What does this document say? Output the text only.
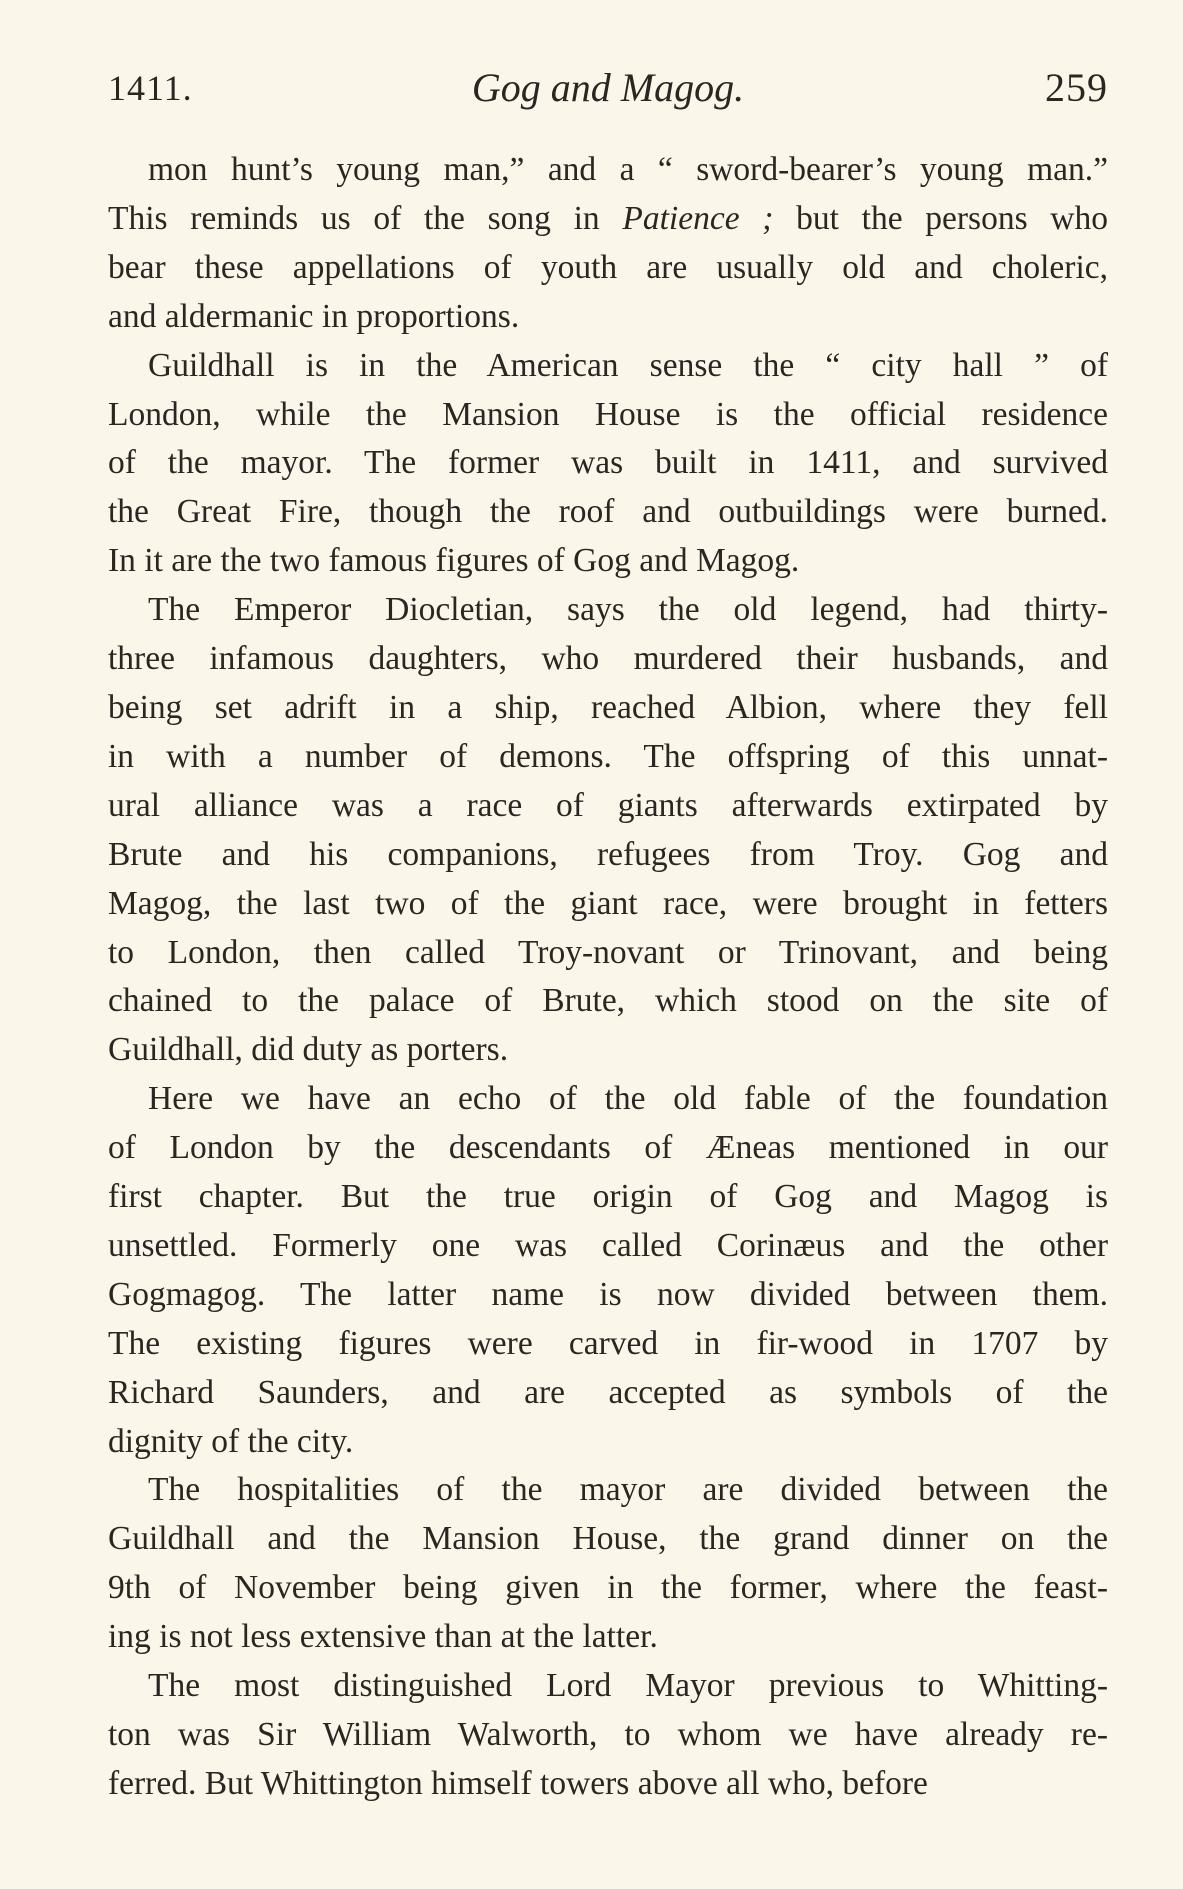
1411.	Gog and Magog.	259
mon hunt’s young man,” and a “ sword-bearer’s young man.”
This reminds us of the song in Patience ; but the persons who
bear these appellations of youth are usually old and choleric,
and aldermanic in proportions.
Guildhall is in the American sense the “ city hall ” of
London, while the Mansion House is the official residence
of the mayor. The former was built in 1411, and survived
the Great Fire, though the roof and outbuildings were burned.
In it are the two famous figures of Gog and Magog.
The Emperor Diocletian, says the old legend, had thirty-
three infamous daughters, who murdered their husbands, and
being set adrift in a ship, reached Albion, where they fell
in with a number of demons. The offspring of this unnat-
ural alliance was a race of giants afterwards extirpated by
Brute and his companions, refugees from Troy. Gog and
Magog, the last two of the giant race, were brought in fetters
to London, then called Troy-novant or Trinovant, and being
chained to the palace of Brute, which stood on the site of
Guildhall, did duty as porters.
Here we have an echo of the old fable of the foundation
of London by the descendants of Æneas mentioned in our
first chapter. But the true origin of Gog and Magog is
unsettled. Formerly one was called Corinæus and the other
Gogmagog. The latter name is now divided between them.
The existing figures were carved in fir-wood in 1707 by
Richard Saunders, and are accepted as symbols of the
dignity of the city.
The hospitalities of the mayor are divided between the
Guildhall and the Mansion House, the grand dinner on the
9th of November being given in the former, where the feast-
ing is not less extensive than at the latter.
The most distinguished Lord Mayor previous to Whitting-
ton was Sir William Walworth, to whom we have already re-
ferred. But Whittington himself towers above all who, before
